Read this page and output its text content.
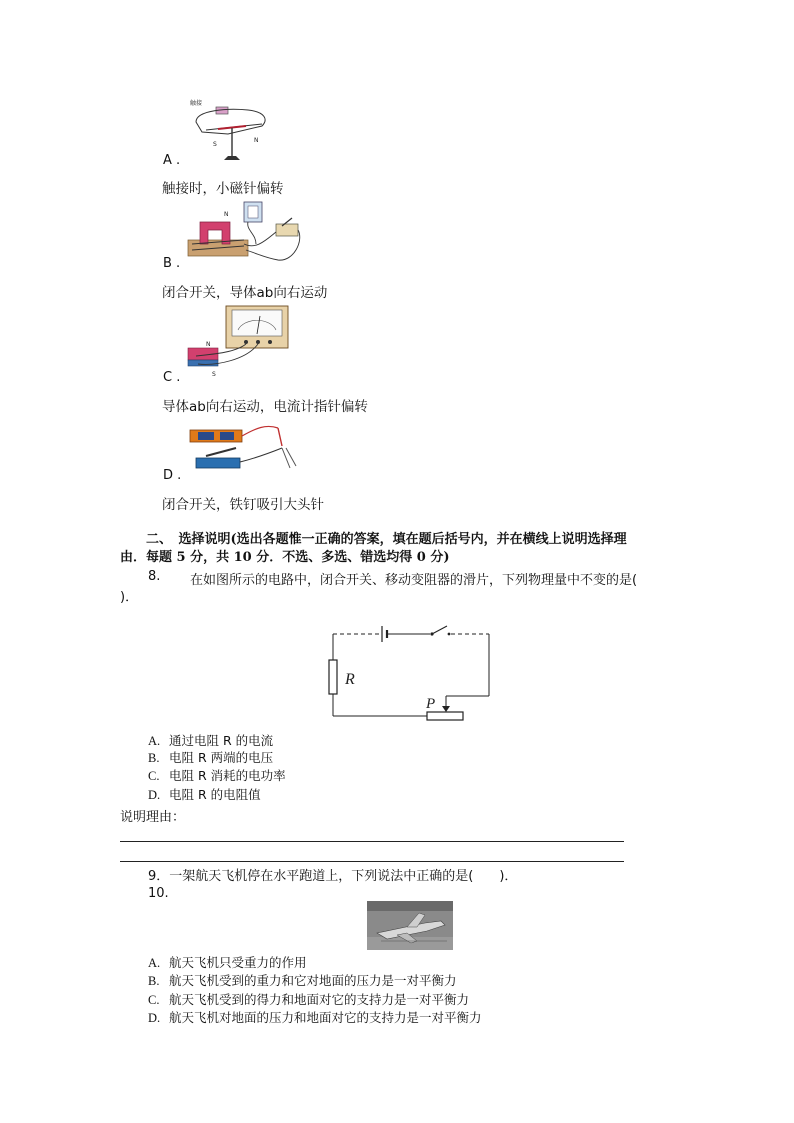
触接
S
N
A .
触接时，小磁针偏转
N
B .
闭合开关，导体ab向右运动
N
S
C .
导体ab向右运动，电流计指针偏转
D .
闭合开关，铁钉吸引大头针
二、　选择说明(选出各题惟一正确的答案，填在题后括号内，并在横线上说明选择理
由．每题 5 分，共 10 分．不选、多选、错选均得 0 分)
8. 在如图所示的电路中，闭合开关、移动变阻器的滑片，下列物理量中不变的是(
)．
R
P
A. 通过电阻 R 的电流
B. 电阻 R 两端的电压
C. 电阻 R 消耗的电功率
D. 电阻 R 的电阻值
说明理由：
9．一架航天飞机停在水平跑道上，下列说法中正确的是(　　)．
10.
A. 航天飞机只受重力的作用
B. 航天飞机受到的重力和它对地面的压力是一对平衡力
C. 航天飞机受到的得力和地面对它的支持力是一对平衡力
D. 航天飞机对地面的压力和地面对它的支持力是一对平衡力
